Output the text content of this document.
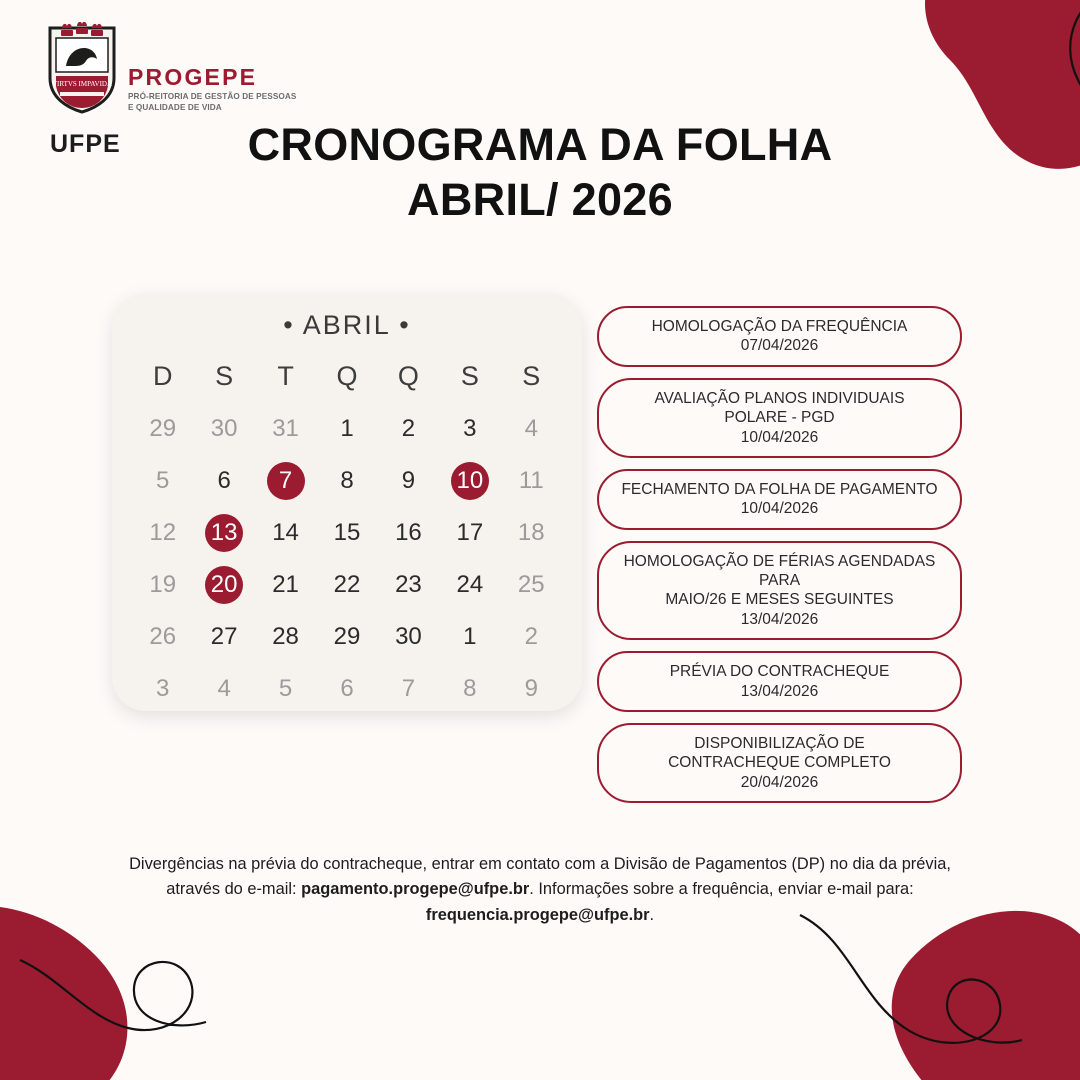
VIRTVS IMPAVIDA
UFPE
PROGEPE
PRÓ-REITORIA DE GESTÃO DE PESSOAS E QUALIDADE DE VIDA
CRONOGRAMA DA FOLHA
ABRIL/ 2026
• ABRIL •
D	S	T	Q	Q	S	S
29	30	31	1	2	3	4
5	6	7	8	9	10	11
12	13	14	15	16	17	18
19	20	21	22	23	24	25
26	27	28	29	30	1	2
3	4	5	6	7	8	9
HOMOLOGAÇÃO DA FREQUÊNCIA
07/04/2026
AVALIAÇÃO PLANOS INDIVIDUAIS
POLARE - PGD
10/04/2026
FECHAMENTO DA FOLHA DE PAGAMENTO
10/04/2026
HOMOLOGAÇÃO DE FÉRIAS AGENDADAS PARA
MAIO/26 E MESES SEGUINTES
13/04/2026
PRÉVIA DO CONTRACHEQUE
13/04/2026
DISPONIBILIZAÇÃO DE
CONTRACHEQUE COMPLETO
20/04/2026
Divergências na prévia do contracheque, entrar em contato com a Divisão de Pagamentos (DP) no dia da prévia, através do e-mail: pagamento.progepe@ufpe.br. Informações sobre a frequência, enviar e-mail para: frequencia.progepe@ufpe.br.
